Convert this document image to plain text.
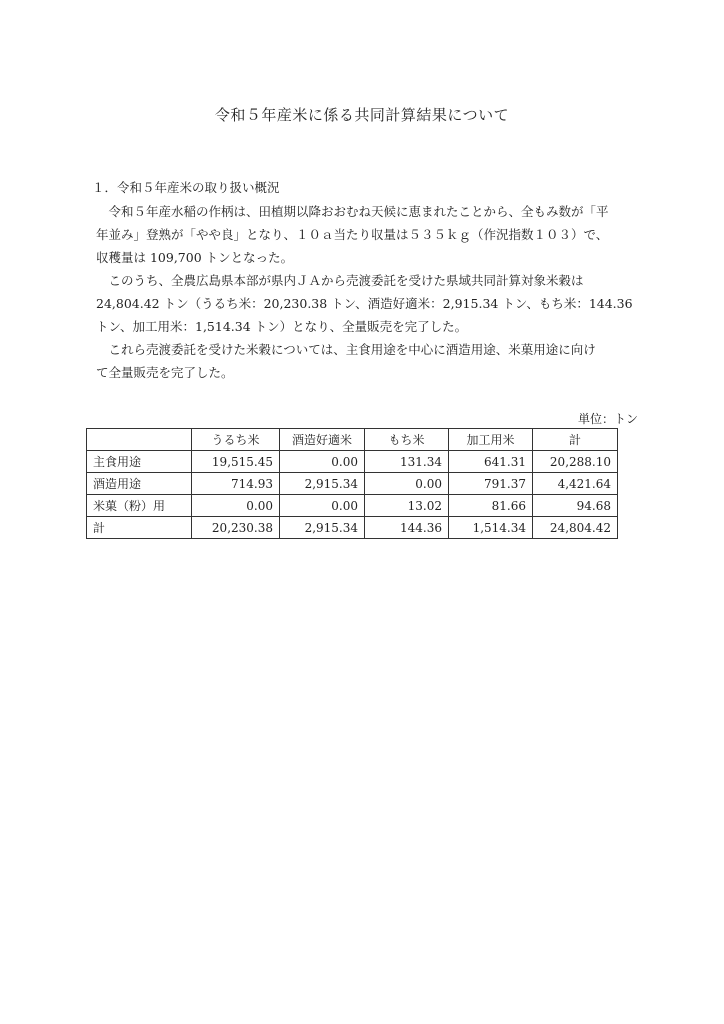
令和５年産米に係る共同計算結果について
１．令和５年産米の取り扱い概況
　令和５年産水稲の作柄は、田植期以降おおむね天候に恵まれたことから、全もみ数が「平
年並み」登熟が「やや良」となり、１０ａ当たり収量は５３５ｋｇ（作況指数１０３）で、
収穫量は 109,700 トンとなった。
　このうち、全農広島県本部が県内ＪＡから売渡委託を受けた県域共同計算対象米穀は
24,804.42 トン（うるち米：20,230.38 トン、酒造好適米：2,915.34 トン、もち米：144.36
トン、加工用米：1,514.34 トン）となり、全量販売を完了した。
　これら売渡委託を受けた米穀については、主食用途を中心に酒造用途、米菓用途に向け
て全量販売を完了した。
単位：トン
	うるち米	酒造好適米	もち米	加工用米	計
主食用途	19,515.45	0.00	131.34	641.31	20,288.10
酒造用途	714.93	2,915.34	0.00	791.37	4,421.64
米菓（粉）用	0.00	0.00	13.02	81.66	94.68
計	20,230.38	2,915.34	144.36	1,514.34	24,804.42
